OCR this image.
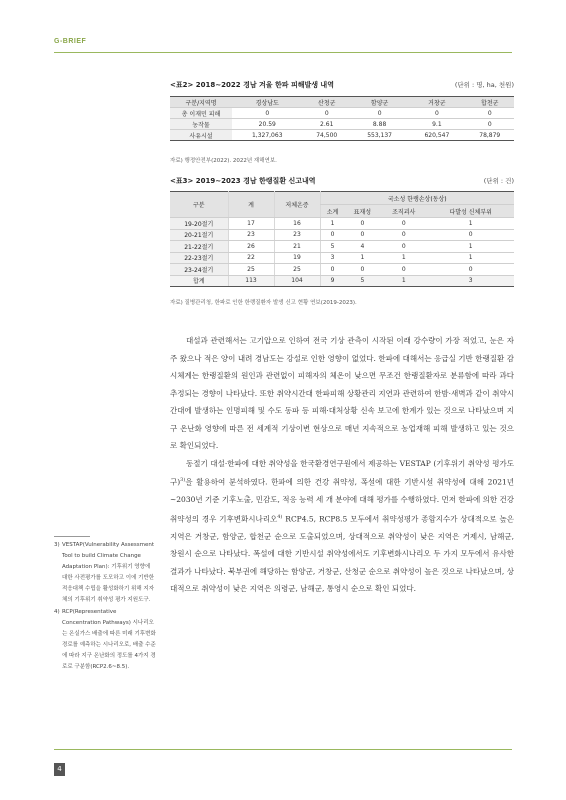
G-BRIEF
<표2> 2018~2022 경남 겨울 한파 피해발생 내역	(단위 : 명, ha, 천원)
구분/지역명	경상남도	산청군	함양군	거창군	합천군
총 이재민 피해	0	0	0	0	0
농작물	20.59	2.61	8.88	9.1	0
사유시설	1,327,063	74,500	553,137	620,547	78,879
자료) 행정안전부(2022). 2022년 재해연보.
<표3> 2019~2023 경남 한랭질환 신고내역	(단위 : 건)
구분	계	저체온증	국소성 한랭손상(동상)			
			소계	표재성	조직괴사	다발성 신체부위
19-20절기	17	16	1	0	0	1
20-21절기	23	23	0	0	0	0
21-22절기	26	21	5	4	0	1
22-23절기	22	19	3	1	1	1
23-24절기	25	25	0	0	0	0
합계	113	104	9	5	1	3
자료) 질병관리청, 한파로 인한 한랭질환자 발생 신고 현황 연보(2019-2023).

대설과 관련해서는 고기압으로 인하여 전국 기상 관측이 시작된 이래 강수량이 가장 적었고, 눈은 자주 왔으나 적은 양이 내려 경남도는 강설로 인한 영향이 없었다. 한파에 대해서는 응급실 기반 한랭질환 감시체계는 한랭질환의 원인과 관련없이 피해자의 체온이 낮으면 무조건 한랭질환자로 분류함에 따라 과다추정되는 경향이 나타났다. 또한 취약시간대 한파피해 상황관리 지연과 관련하여 한밤·새벽과 같이 취약시간대에 발생하는 인명피해 및 수도 동파 등 피해·대처상황 신속 보고에 한계가 있는 것으로 나타났으며 지구 온난화 영향에 따른 전 세계적 기상이변 현상으로 매년 지속적으로 농업재해 피해 발생하고 있는 것으로 확인되었다.

동절기 대설·한파에 대한 취약성을 한국환경연구원에서 제공하는 VESTAP (기후위기 취약성 평가도구)$^{3)}$을 활용하여 분석하였다. 한파에 의한 건강 취약성, 폭설에 대한 기반시설 취약성에 대해 2021년~2030년 기준 기후노출, 민감도, 적응 능력 세 개 분야에 대해 평가를 수행하였다. 먼저 한파에 의한 건강 취약성의 경우 기후변화시나리오$^{4)}$ RCP4.5, RCP8.5 모두에서 취약성평가 종합지수가 상대적으로 높은 지역은 거창군, 함양군, 합천군 순으로 도출되었으며, 상대적으로 취약성이 낮은 지역은 거제시, 남해군, 창원시 순으로 나타났다. 폭설에 대한 기반시설 취약성에서도 기후변화시나리오 두 가지 모두에서 유사한 결과가 나타났다. 북부권에 해당하는 함양군, 거창군, 산청군 순으로 취약성이 높은 것으로 나타났으며, 상대적으로 취약성이 낮은 지역은 의령군, 남해군, 통영시 순으로 확인 되었다.

3) VESTAP(Vulnerability Assessment Tool to build Climate Change Adaptation Plan): 기후위기 영향에 대한 사전평가를 도모하고 이에 기반한 적응대책 수립을 활성화하기 위해 지자체의 기후위기 취약성 평가 지원도구.
4) RCP(Representative Concentration Pathways) 시나리오는 온실가스 배출에 따른 미래 기후변화 경로를 예측하는 시나리오로, 배출 수준에 따라 지구 온난화의 정도를 4가지 경로로 구분함(RCP2.6~8.5).
4
